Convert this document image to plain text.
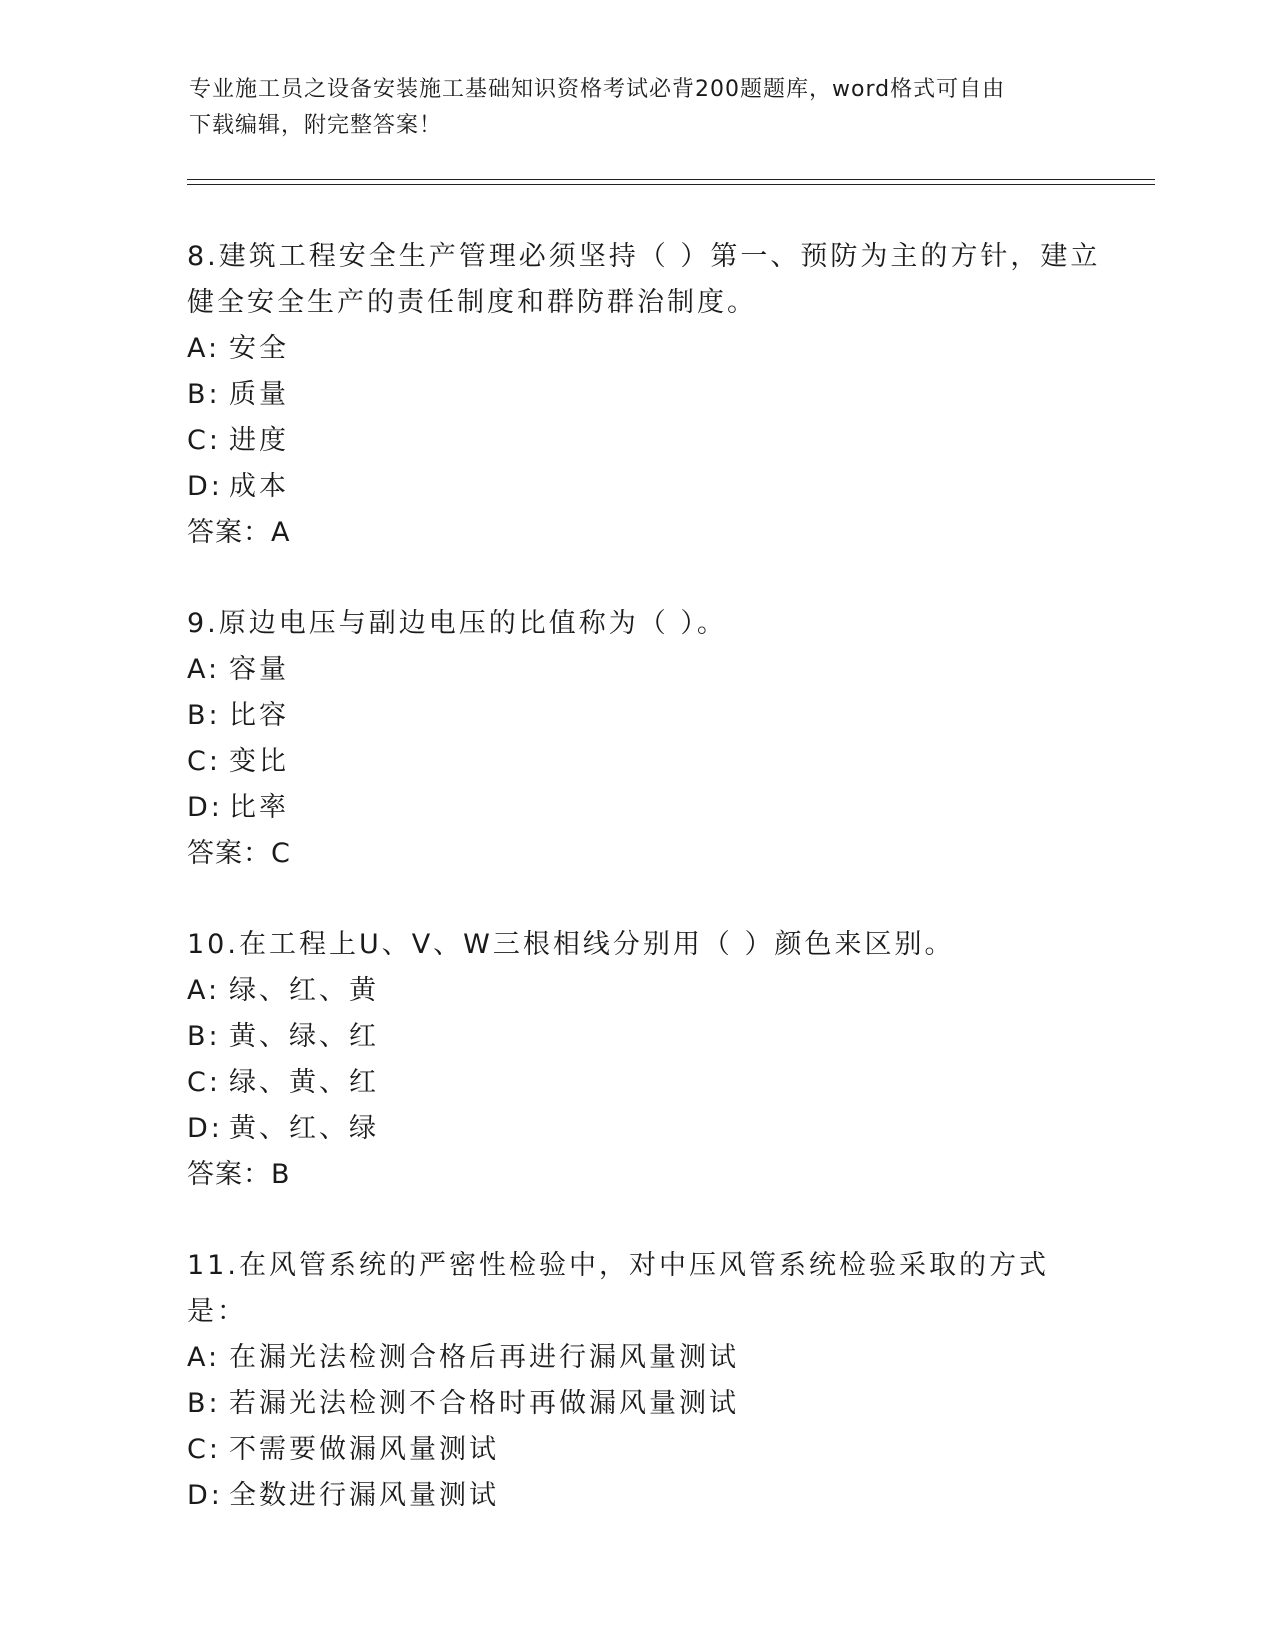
专业施工员之设备安装施工基础知识资格考试必背200题题库，word格式可自由
下载编辑，附完整答案！
8.建筑工程安全生产管理必须坚持（ ）第一、预防为主的方针，建立
健全安全生产的责任制度和群防群治制度。
A: 安全
B: 质量
C: 进度
D: 成本
答案：A
9.原边电压与副边电压的比值称为（ ）。
A: 容量
B: 比容
C: 变比
D: 比率
答案：C
10.在工程上U、V、W三根相线分别用（ ）颜色来区别。
A: 绿、红、黄
B: 黄、绿、红
C: 绿、黄、红
D: 黄、红、绿
答案：B
11.在风管系统的严密性检验中，对中压风管系统检验采取的方式是：
A: 在漏光法检测合格后再进行漏风量测试
B: 若漏光法检测不合格时再做漏风量测试
C: 不需要做漏风量测试
D: 全数进行漏风量测试
